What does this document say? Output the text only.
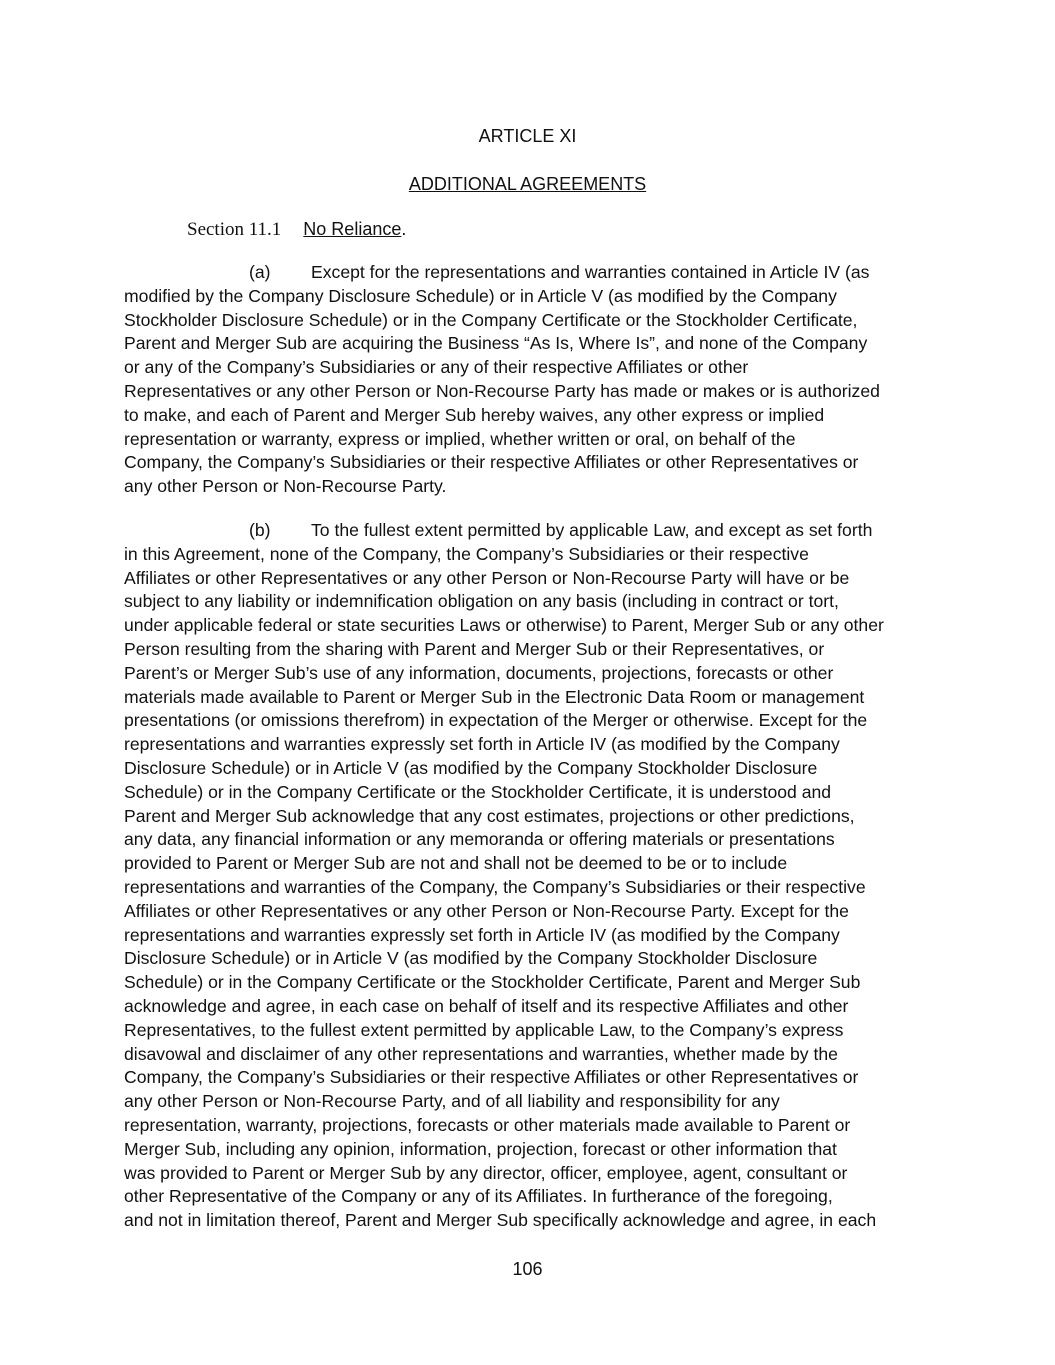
ARTICLE XI
ADDITIONAL AGREEMENTS
Section 11.1 No Reliance.
(a) Except for the representations and warranties contained in Article IV (as
modified by the Company Disclosure Schedule) or in Article V (as modified by the Company
Stockholder Disclosure Schedule) or in the Company Certificate or the Stockholder Certificate,
Parent and Merger Sub are acquiring the Business “As Is, Where Is”, and none of the Company
or any of the Company’s Subsidiaries or any of their respective Affiliates or other
Representatives or any other Person or Non-Recourse Party has made or makes or is authorized
to make, and each of Parent and Merger Sub hereby waives, any other express or implied
representation or warranty, express or implied, whether written or oral, on behalf of the
Company, the Company’s Subsidiaries or their respective Affiliates or other Representatives or
any other Person or Non-Recourse Party.
(b) To the fullest extent permitted by applicable Law, and except as set forth
in this Agreement, none of the Company, the Company’s Subsidiaries or their respective
Affiliates or other Representatives or any other Person or Non-Recourse Party will have or be
subject to any liability or indemnification obligation on any basis (including in contract or tort,
under applicable federal or state securities Laws or otherwise) to Parent, Merger Sub or any other
Person resulting from the sharing with Parent and Merger Sub or their Representatives, or
Parent’s or Merger Sub’s use of any information, documents, projections, forecasts or other
materials made available to Parent or Merger Sub in the Electronic Data Room or management
presentations (or omissions therefrom) in expectation of the Merger or otherwise. Except for the
representations and warranties expressly set forth in Article IV (as modified by the Company
Disclosure Schedule) or in Article V (as modified by the Company Stockholder Disclosure
Schedule) or in the Company Certificate or the Stockholder Certificate, it is understood and
Parent and Merger Sub acknowledge that any cost estimates, projections or other predictions,
any data, any financial information or any memoranda or offering materials or presentations
provided to Parent or Merger Sub are not and shall not be deemed to be or to include
representations and warranties of the Company, the Company’s Subsidiaries or their respective
Affiliates or other Representatives or any other Person or Non-Recourse Party. Except for the
representations and warranties expressly set forth in Article IV (as modified by the Company
Disclosure Schedule) or in Article V (as modified by the Company Stockholder Disclosure
Schedule) or in the Company Certificate or the Stockholder Certificate, Parent and Merger Sub
acknowledge and agree, in each case on behalf of itself and its respective Affiliates and other
Representatives, to the fullest extent permitted by applicable Law, to the Company’s express
disavowal and disclaimer of any other representations and warranties, whether made by the
Company, the Company’s Subsidiaries or their respective Affiliates or other Representatives or
any other Person or Non-Recourse Party, and of all liability and responsibility for any
representation, warranty, projections, forecasts or other materials made available to Parent or
Merger Sub, including any opinion, information, projection, forecast or other information that
was provided to Parent or Merger Sub by any director, officer, employee, agent, consultant or
other Representative of the Company or any of its Affiliates. In furtherance of the foregoing,
and not in limitation thereof, Parent and Merger Sub specifically acknowledge and agree, in each
106
